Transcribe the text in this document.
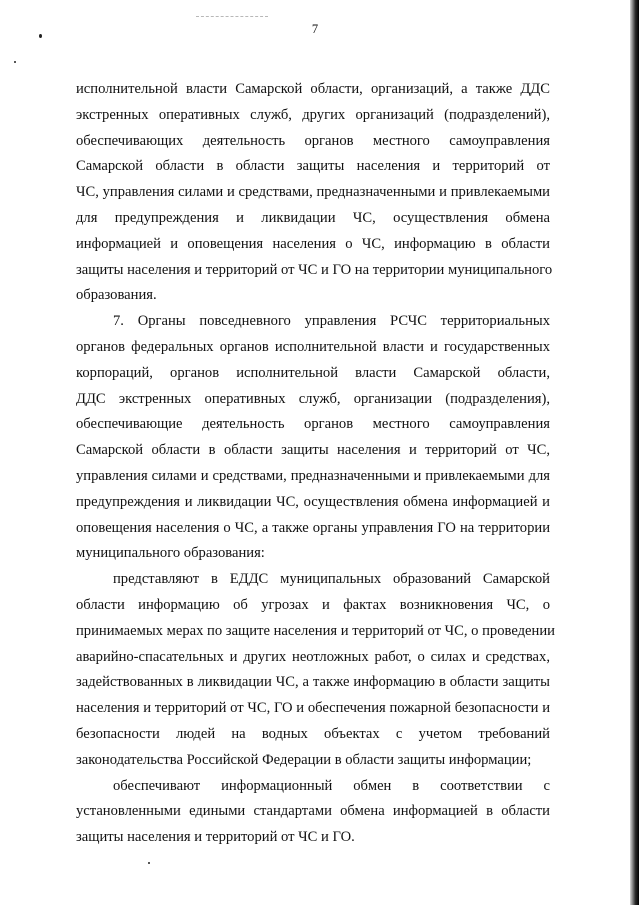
7
исполнительной власти Самарской области, организаций, а также ДДС
экстренных оперативных служб, других организаций (подразделений),
обеспечивающих деятельность органов местного самоуправления
Самарской области в области защиты населения и территорий от
ЧС, управления силами и средствами, предназначенными и привлекаемыми
для предупреждения и ликвидации ЧС, осуществления обмена
информацией и оповещения населения о ЧС, информацию в области
защиты населения и территорий от ЧС и ГО на территории муниципального
образования.
7. Органы повседневного управления РСЧС территориальных
органов федеральных органов исполнительной власти и государственных
корпораций, органов исполнительной власти Самарской области,
ДДС экстренных оперативных служб, организации (подразделения),
обеспечивающие деятельность органов местного самоуправления
Самарской области в области защиты населения и территорий от ЧС,
управления силами и средствами, предназначенными и привлекаемыми для
предупреждения и ликвидации ЧС, осуществления обмена информацией и
оповещения населения о ЧС, а также органы управления ГО на территории
муниципального образования:
представляют в ЕДДС муниципальных образований Самарской
области информацию об угрозах и фактах возникновения ЧС, о
принимаемых мерах по защите населения и территорий от ЧС, о проведении
аварийно-спасательных и других неотложных работ, о силах и средствах,
задействованных в ликвидации ЧС, а также информацию в области защиты
населения и территорий от ЧС, ГО и обеспечения пожарной безопасности и
безопасности людей на водных объектах с учетом требований
законодательства Российской Федерации в области защиты информации;
обеспечивают информационный обмен в соответствии с
установленными едиными стандартами обмена информацией в области
защиты населения и территорий от ЧС и ГО.
